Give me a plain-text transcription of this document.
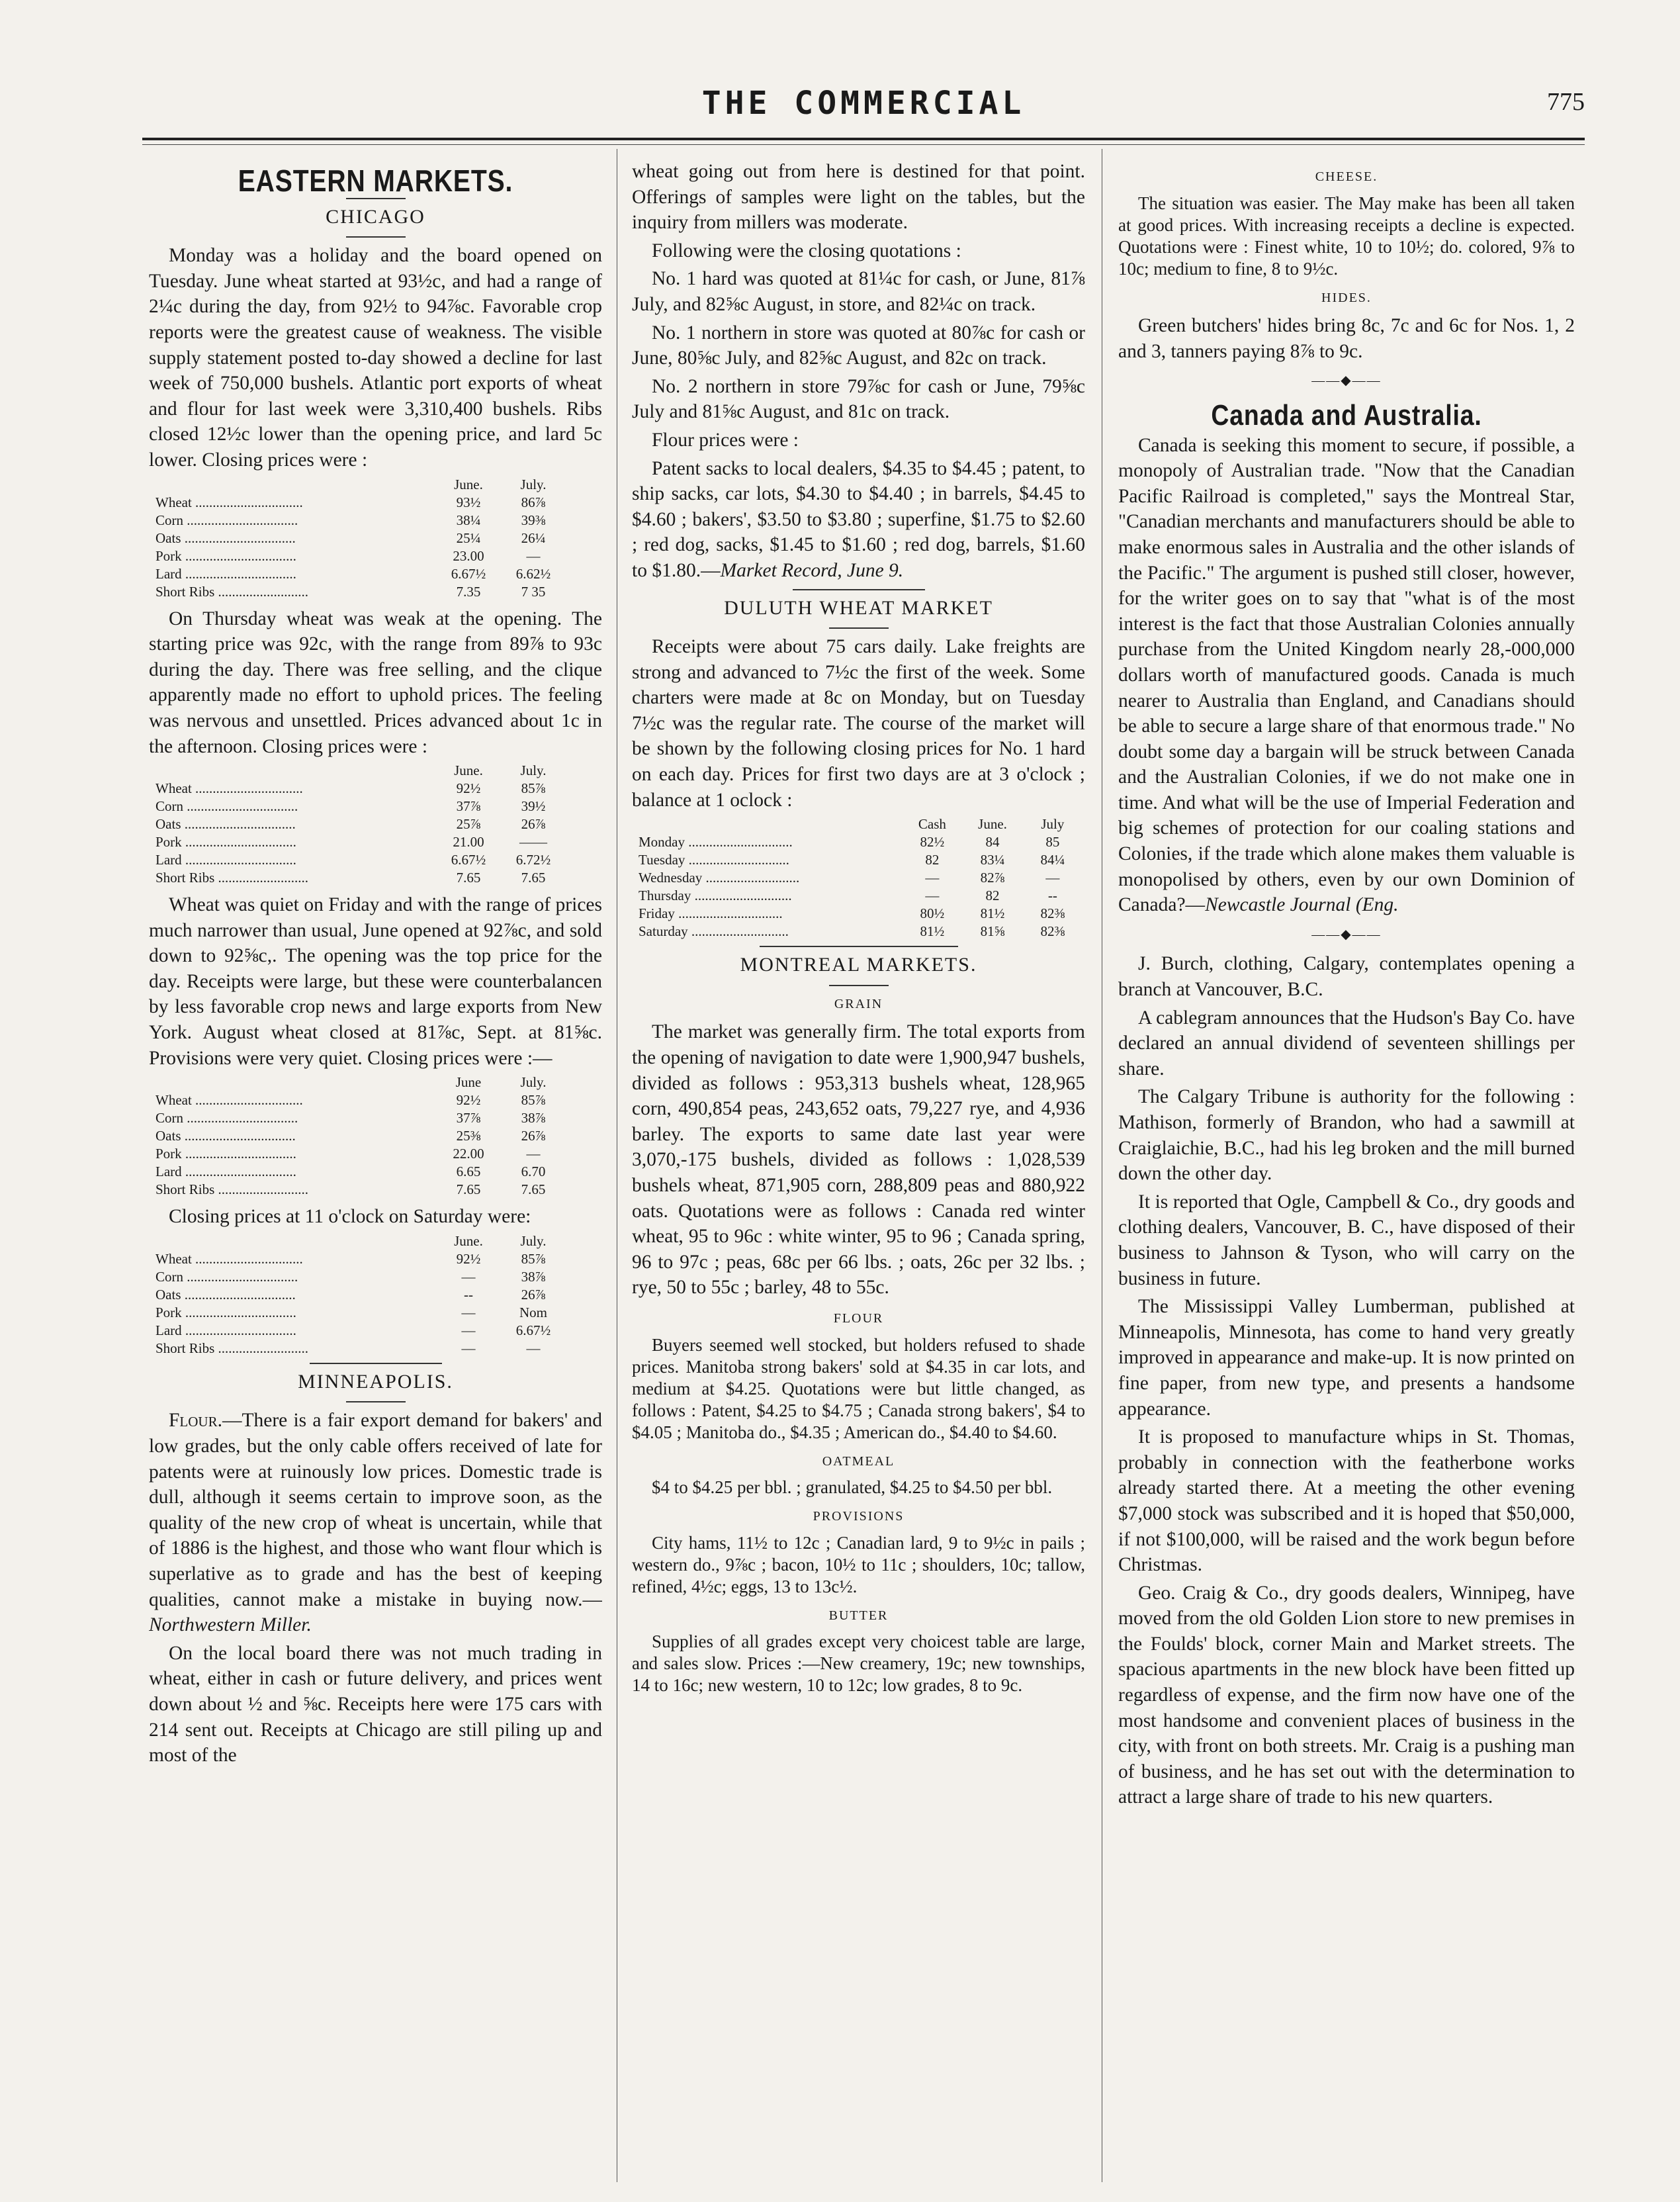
THE COMMERCIAL	775
EASTERN MARKETS.
CHICAGO

Monday was a holiday and the board opened on Tuesday. June wheat started at 93½c, and had a range of 2¼c during the day, from 92½ to 94⅞c. Favorable crop reports were the greatest cause of weakness. The visible supply statement posted to-day showed a decline for last week of 750,000 bushels. Atlantic port exports of wheat and flour for last week were 3,310,400 bushels. Ribs closed 12½c lower than the opening price, and lard 5c lower. Closing prices were :

	June.	July.
Wheat ...............................	93½	86⅞
Corn ................................	38¼	39⅜
Oats ................................	25¼	26¼
Pork ................................	23.00	—
Lard ................................	6.67½	6.62½
Short Ribs ..........................	7.35	7 35

On Thursday wheat was weak at the opening. The starting price was 92c, with the range from 89⅞ to 93c during the day. There was free selling, and the clique apparently made no effort to uphold prices. The feeling was nervous and unsettled. Prices advanced about 1c in the afternoon. Closing prices were :

	June.	July.
Wheat ...............................	92½	85⅞
Corn ................................	37⅞	39½
Oats ................................	25⅞	26⅞
Pork ................................	21.00	——
Lard ................................	6.67½	6.72½
Short Ribs ..........................	7.65	7.65

Wheat was quiet on Friday and with the range of prices much narrower than usual, June opened at 92⅞c, and sold down to 92⅝c,. The opening was the top price for the day. Receipts were large, but these were counterbalancen by less favorable crop news and large exports from New York. August wheat closed at 81⅞c, Sept. at 81⅝c. Provisions were very quiet. Closing prices were :—

	June	July.
Wheat ...............................	92½	85⅞
Corn ................................	37⅞	38⅞
Oats ................................	25⅜	26⅞
Pork ................................	22.00	—
Lard ................................	6.65	6.70
Short Ribs ..........................	7.65	7.65

Closing prices at 11 o'clock on Saturday were:

	June.	July.
Wheat ...............................	92½	85⅞
Corn ................................	—	38⅞
Oats ................................	--	26⅞
Pork ................................	—	Nom
Lard ................................	—	6.67½
Short Ribs ..........................	—	—
MINNEAPOLIS.

Flour.—There is a fair export demand for bakers' and low grades, but the only cable offers received of late for patents were at ruinously low prices. Domestic trade is dull, although it seems certain to improve soon, as the quality of the new crop of wheat is uncertain, while that of 1886 is the highest, and those who want flour which is superlative as to grade and has the best of keeping qualities, cannot make a mistake in buying now.—Northwestern Miller.

On the local board there was not much trading in wheat, either in cash or future delivery, and prices went down about ½ and ⅝c. Receipts here were 175 cars with 214 sent out. Receipts at Chicago are still piling up and most of the

wheat going out from here is destined for that point. Offerings of samples were light on the tables, but the inquiry from millers was moderate.

Following were the closing quotations :

No. 1 hard was quoted at 81¼c for cash, or June, 81⅞ July, and 82⅝c August, in store, and 82¼c on track.

No. 1 northern in store was quoted at 80⅞c for cash or June, 80⅝c July, and 82⅝c August, and 82c on track.

No. 2 northern in store 79⅞c for cash or June, 79⅝c July and 81⅝c August, and 81c on track.

Flour prices were :

Patent sacks to local dealers, $4.35 to $4.45 ; patent, to ship sacks, car lots, $4.30 to $4.40 ; in barrels, $4.45 to $4.60 ; bakers', $3.50 to $3.80 ; superfine, $1.75 to $2.60 ; red dog, sacks, $1.45 to $1.60 ; red dog, barrels, $1.60 to $1.80.—Market Record, June 9.

DULUTH WHEAT MARKET

Receipts were about 75 cars daily. Lake freights are strong and advanced to 7½c the first of the week. Some charters were made at 8c on Monday, but on Tuesday 7½c was the regular rate. The course of the market will be shown by the following closing prices for No. 1 hard on each day. Prices for first two days are at 3 o'clock ; balance at 1 oclock :

	Cash	June.	July
Monday ..............................	82½	84	85
Tuesday .............................	82	83¼	84¼
Wednesday ...........................	—	82⅞	—
Thursday ............................	—	82	--
Friday ..............................	80½	81½	82⅜
Saturday ............................	81½	81⅝	82⅜
MONTREAL MARKETS.
GRAIN

The market was generally firm. The total exports from the opening of navigation to date were 1,900,947 bushels, divided as follows : 953,313 bushels wheat, 128,965 corn, 490,854 peas, 243,652 oats, 79,227 rye, and 4,936 barley. The exports to same date last year were 3,070,-175 bushels, divided as follows : 1,028,539 bushels wheat, 871,905 corn, 288,809 peas and 880,922 oats. Quotations were as follows : Canada red winter wheat, 95 to 96c : white winter, 95 to 96 ; Canada spring, 96 to 97c ; peas, 68c per 66 lbs. ; oats, 26c per 32 lbs. ; rye, 50 to 55c ; barley, 48 to 55c.

FLOUR

Buyers seemed well stocked, but holders refused to shade prices. Manitoba strong bakers' sold at $4.35 in car lots, and medium at $4.25. Quotations were but little changed, as follows : Patent, $4.25 to $4.75 ; Canada strong bakers', $4 to $4.05 ; Manitoba do., $4.35 ; American do., $4.40 to $4.60.

OATMEAL

$4 to $4.25 per bbl. ; granulated, $4.25 to $4.50 per bbl.

PROVISIONS

City hams, 11½ to 12c ; Canadian lard, 9 to 9½c in pails ; western do., 9⅞c ; bacon, 10½ to 11c ; shoulders, 10c; tallow, refined, 4½c; eggs, 13 to 13c½.

BUTTER

Supplies of all grades except very choicest table are large, and sales slow. Prices :—New creamery, 19c; new townships, 14 to 16c; new western, 10 to 12c; low grades, 8 to 9c.

CHEESE.

The situation was easier. The May make has been all taken at good prices. With increasing receipts a decline is expected. Quotations were : Finest white, 10 to 10½; do. colored, 9⅞ to 10c; medium to fine, 8 to 9½c.

HIDES.

Green butchers' hides bring 8c, 7c and 6c for Nos. 1, 2 and 3, tanners paying 8⅞ to 9c.

——◆——
Canada and Australia.

Canada is seeking this moment to secure, if possible, a monopoly of Australian trade. "Now that the Canadian Pacific Railroad is completed," says the Montreal Star, "Canadian merchants and manufacturers should be able to make enormous sales in Australia and the other islands of the Pacific." The argument is pushed still closer, however, for the writer goes on to say that "what is of the most interest is the fact that those Australian Colonies annually purchase from the United Kingdom nearly 28,-000,000 dollars worth of manufactured goods. Canada is much nearer to Australia than England, and Canadians should be able to secure a large share of that enormous trade." No doubt some day a bargain will be struck between Canada and the Australian Colonies, if we do not make one in time. And what will be the use of Imperial Federation and big schemes of protection for our coaling stations and Colonies, if the trade which alone makes them valuable is monopolised by others, even by our own Dominion of Canada?—Newcastle Journal (Eng.

——◆——

J. Burch, clothing, Calgary, contemplates opening a branch at Vancouver, B.C.

A cablegram announces that the Hudson's Bay Co. have declared an annual dividend of seventeen shillings per share.

The Calgary Tribune is authority for the following : Mathison, formerly of Brandon, who had a sawmill at Craiglaichie, B.C., had his leg broken and the mill burned down the other day.

It is reported that Ogle, Campbell & Co., dry goods and clothing dealers, Vancouver, B. C., have disposed of their business to Jahnson & Tyson, who will carry on the business in future.

The Mississippi Valley Lumberman, published at Minneapolis, Minnesota, has come to hand very greatly improved in appearance and make-up. It is now printed on fine paper, from new type, and presents a handsome appearance.

It is proposed to manufacture whips in St. Thomas, probably in connection with the featherbone works already started there. At a meeting the other evening $7,000 stock was subscribed and it is hoped that $50,000, if not $100,000, will be raised and the work begun before Christmas.

Geo. Craig & Co., dry goods dealers, Winnipeg, have moved from the old Golden Lion store to new premises in the Foulds' block, corner Main and Market streets. The spacious apartments in the new block have been fitted up regardless of expense, and the firm now have one of the most handsome and convenient places of business in the city, with front on both streets. Mr. Craig is a pushing man of business, and he has set out with the determination to attract a large share of trade to his new quarters.
